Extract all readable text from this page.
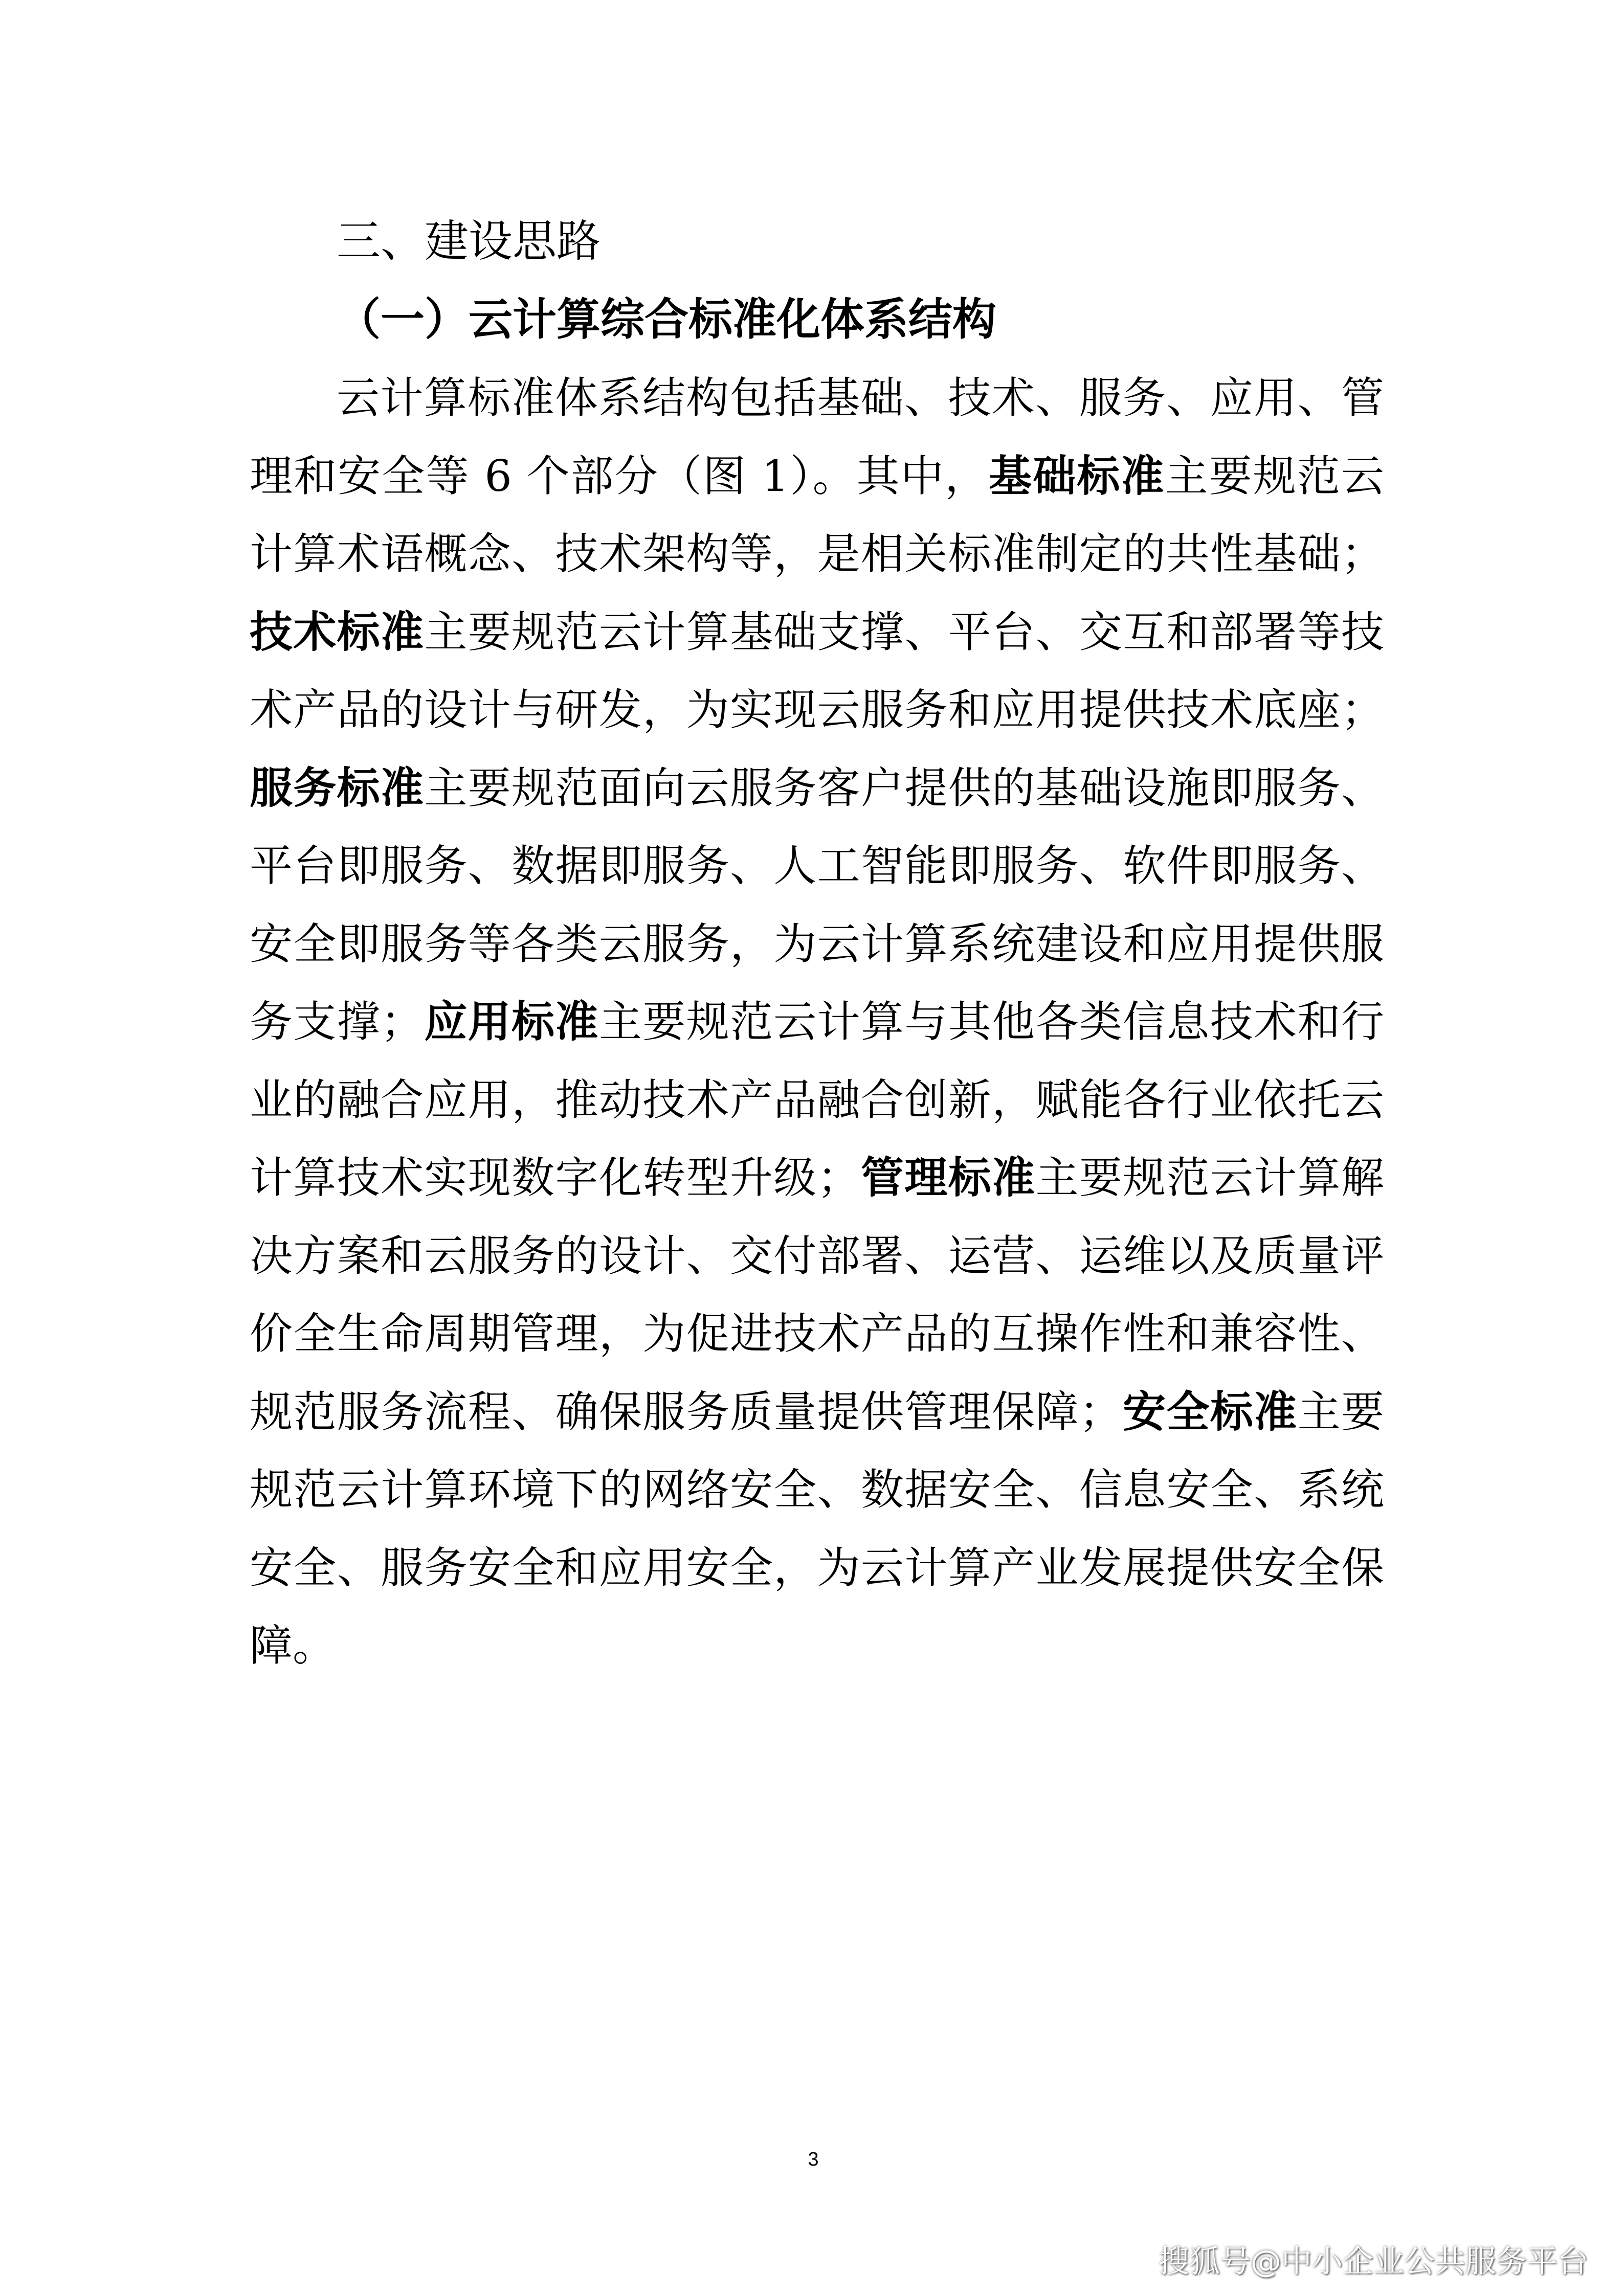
三、建设思路
（一）云计算综合标准化体系结构
云计算标准体系结构包括基础、技术、服务、应用、管
理和安全等 6 个部分（图 1）。其中，基础标准主要规范云
计算术语概念、技术架构等，是相关标准制定的共性基础；
技术标准主要规范云计算基础支撑、平台、交互和部署等技
术产品的设计与研发，为实现云服务和应用提供技术底座；
服务标准主要规范面向云服务客户提供的基础设施即服务、
平台即服务、数据即服务、人工智能即服务、软件即服务、
安全即服务等各类云服务，为云计算系统建设和应用提供服
务支撑；应用标准主要规范云计算与其他各类信息技术和行
业的融合应用，推动技术产品融合创新，赋能各行业依托云
计算技术实现数字化转型升级；管理标准主要规范云计算解
决方案和云服务的设计、交付部署、运营、运维以及质量评
价全生命周期管理，为促进技术产品的互操作性和兼容性、
规范服务流程、确保服务质量提供管理保障；安全标准主要
规范云计算环境下的网络安全、数据安全、信息安全、系统
安全、服务安全和应用安全，为云计算产业发展提供安全保
障。
3
搜狐号@中小企业公共服务平台
